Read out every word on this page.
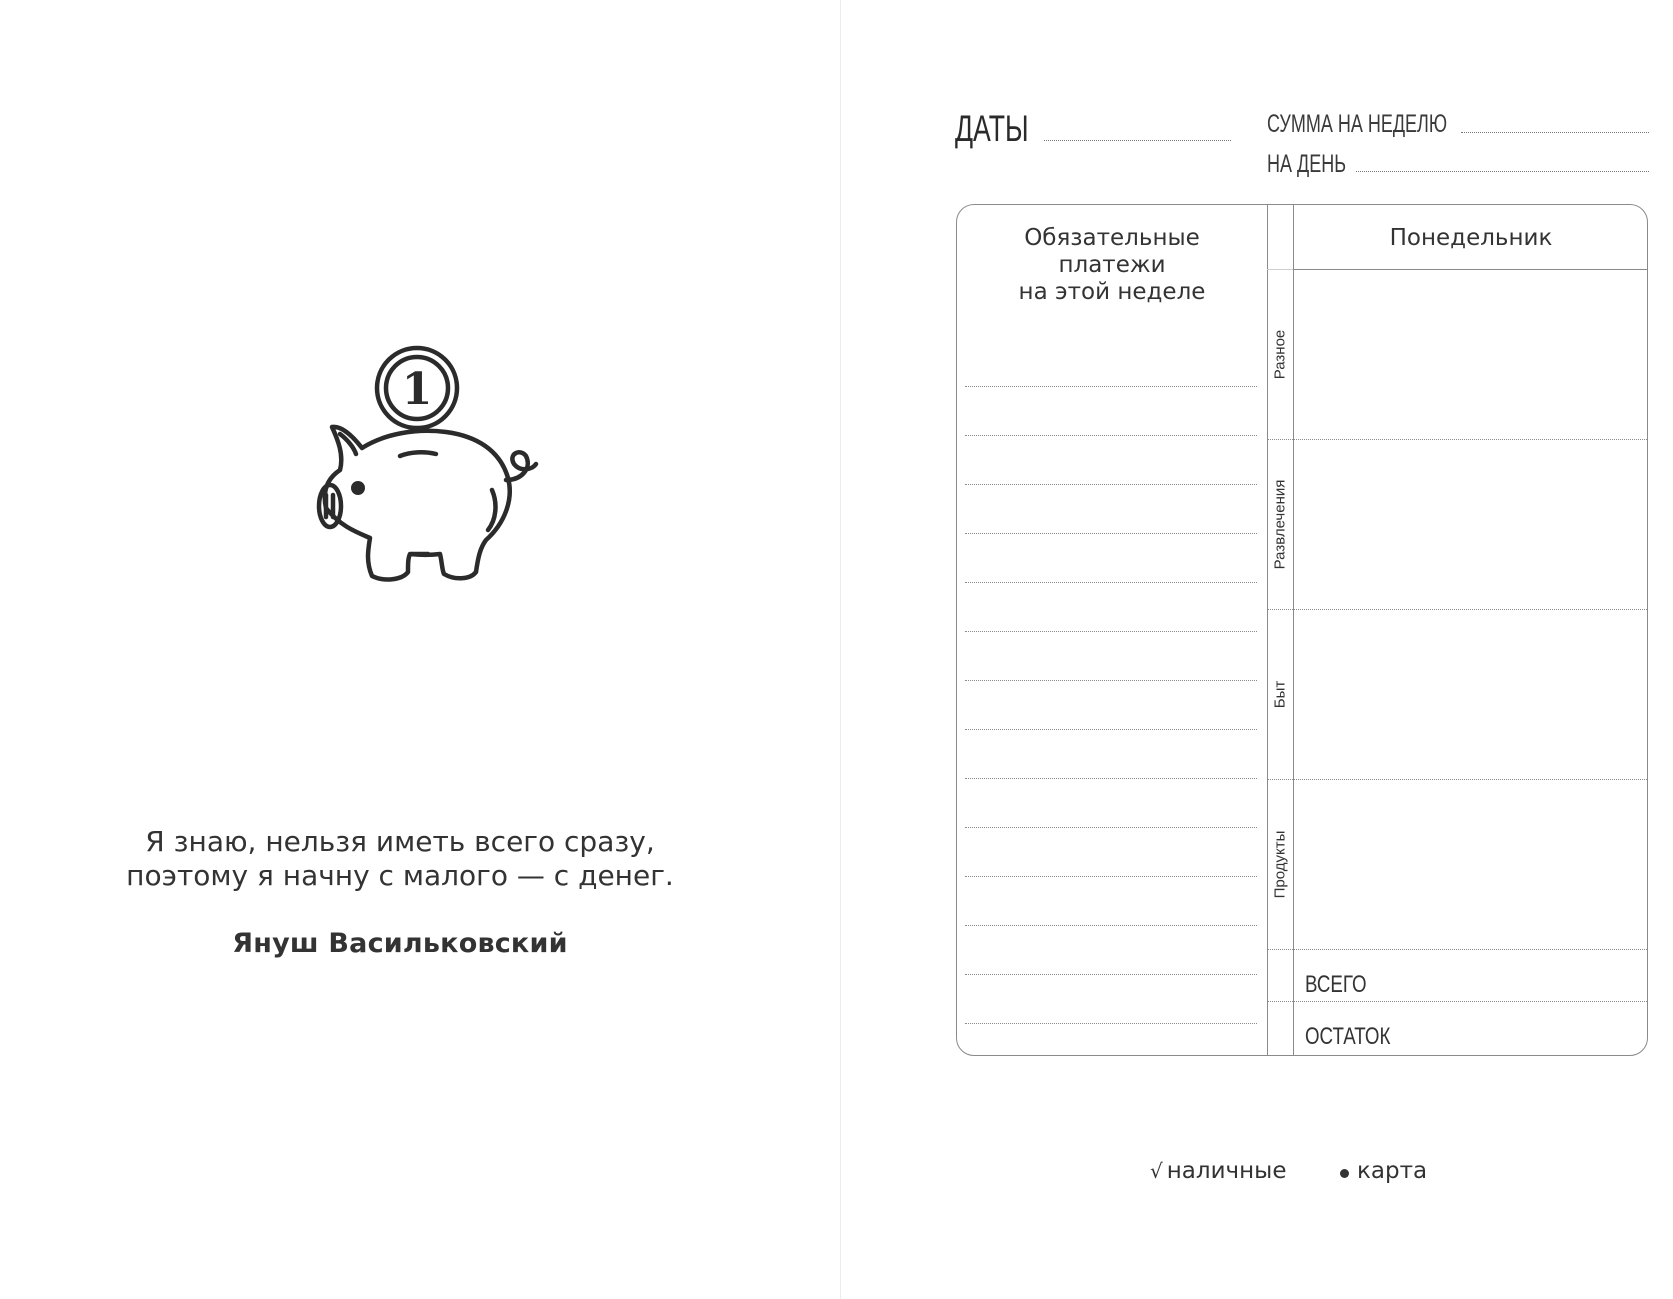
1
Я знаю, нельзя иметь всего сразу,
поэтому я начну с малого — с денег.
Януш Васильковский
ДАТЫ	СУММА НА НЕДЕЛЮ
НА ДЕНЬ
Обязательные
платежи
на этой неделе
Понедельник
Разное
Развлечения
Быт
Продукты
ВСЕГО
ОСТАТОК
√ наличные	карта
